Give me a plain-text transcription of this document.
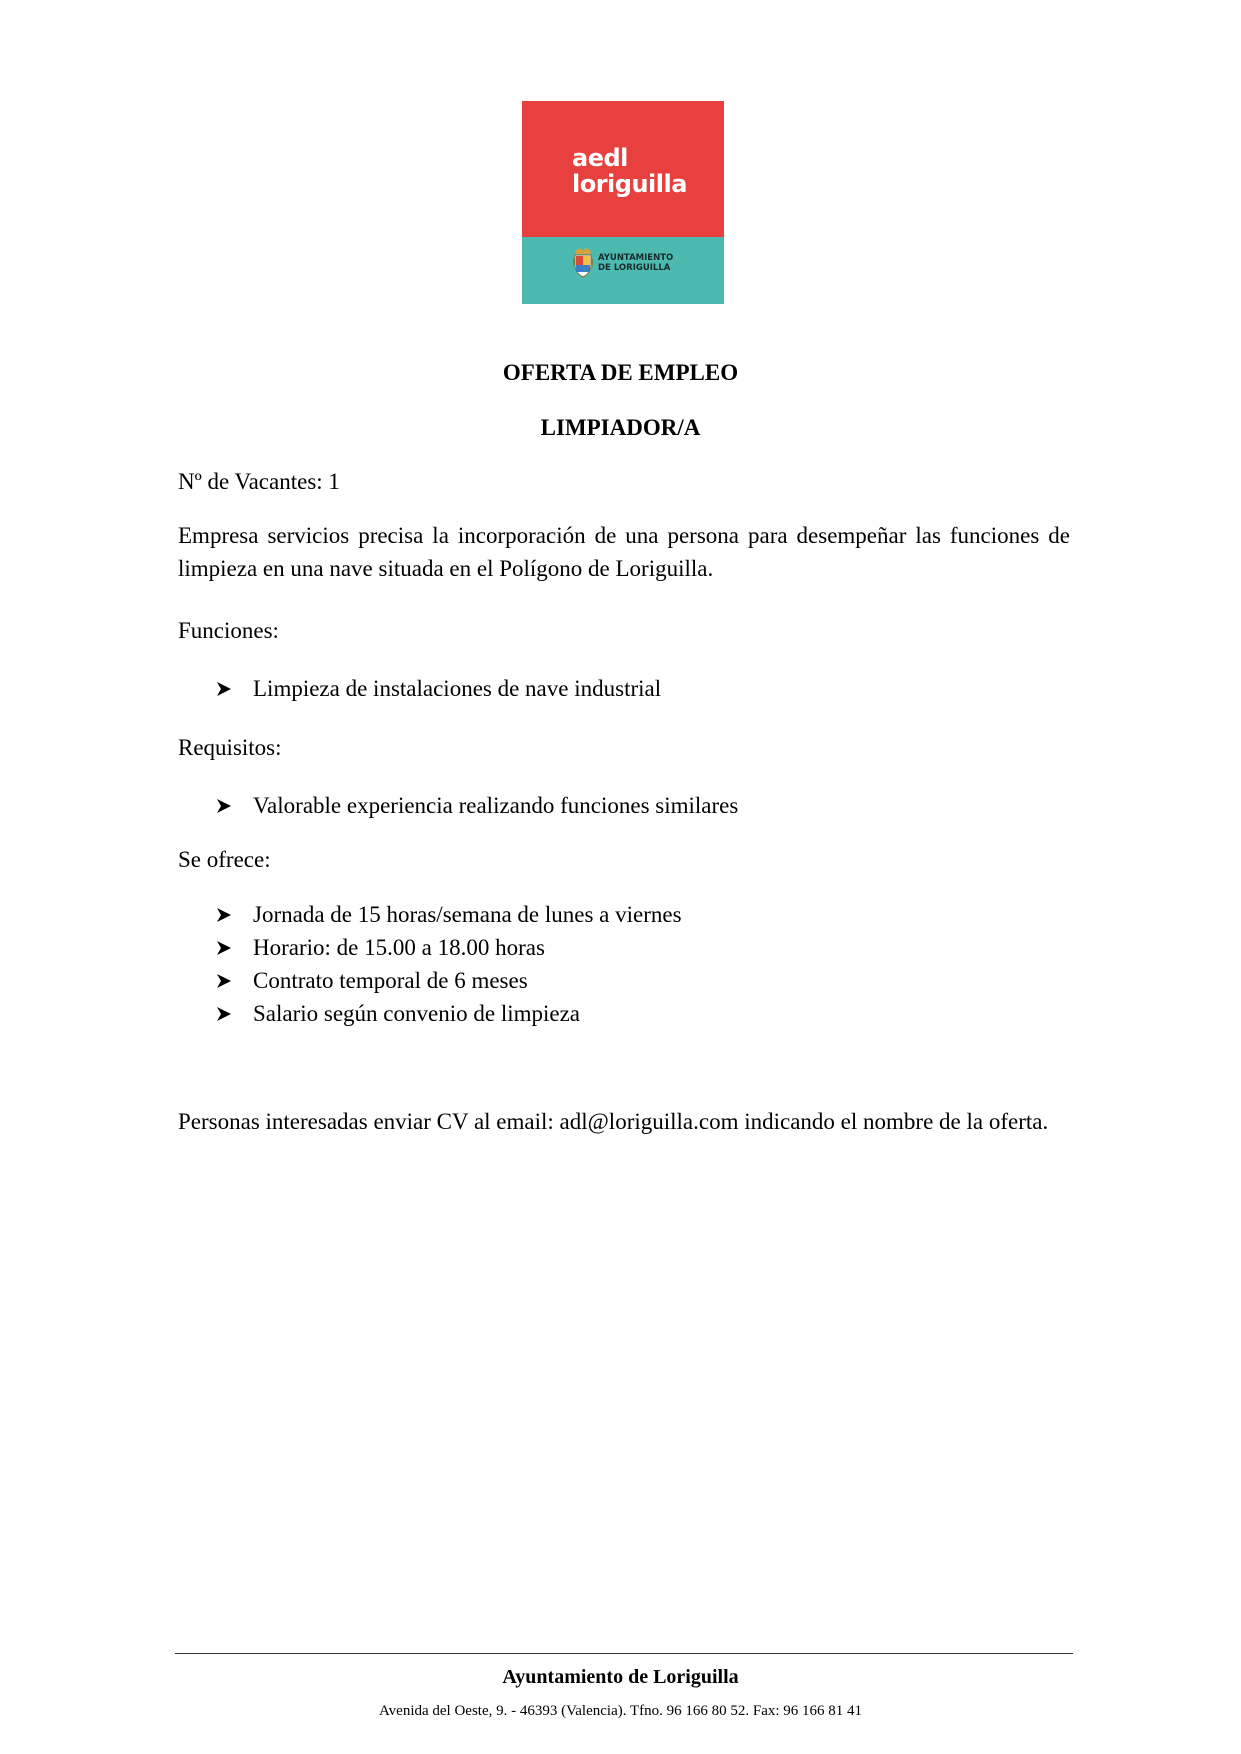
aedl
loriguilla
AYUNTAMIENTO
DE LORIGUILLA
OFERTA DE EMPLEO
LIMPIADOR/A
Nº de Vacantes: 1
Empresa servicios precisa la incorporación de una persona para desempeñar las funciones de limpieza en una nave situada en el Polígono de Loriguilla.
Funciones:
Limpieza de instalaciones de nave industrial
Requisitos:
Valorable experiencia realizando funciones similares
Se ofrece:
Jornada de 15 horas/semana de lunes a viernes
Horario: de 15.00 a 18.00 horas
Contrato temporal de 6 meses
Salario según convenio de limpieza
Personas interesadas enviar CV al email: adl@loriguilla.com indicando el nombre de la oferta.
Ayuntamiento de Loriguilla
Avenida del Oeste, 9. - 46393 (Valencia). Tfno. 96 166 80 52. Fax: 96 166 81 41
